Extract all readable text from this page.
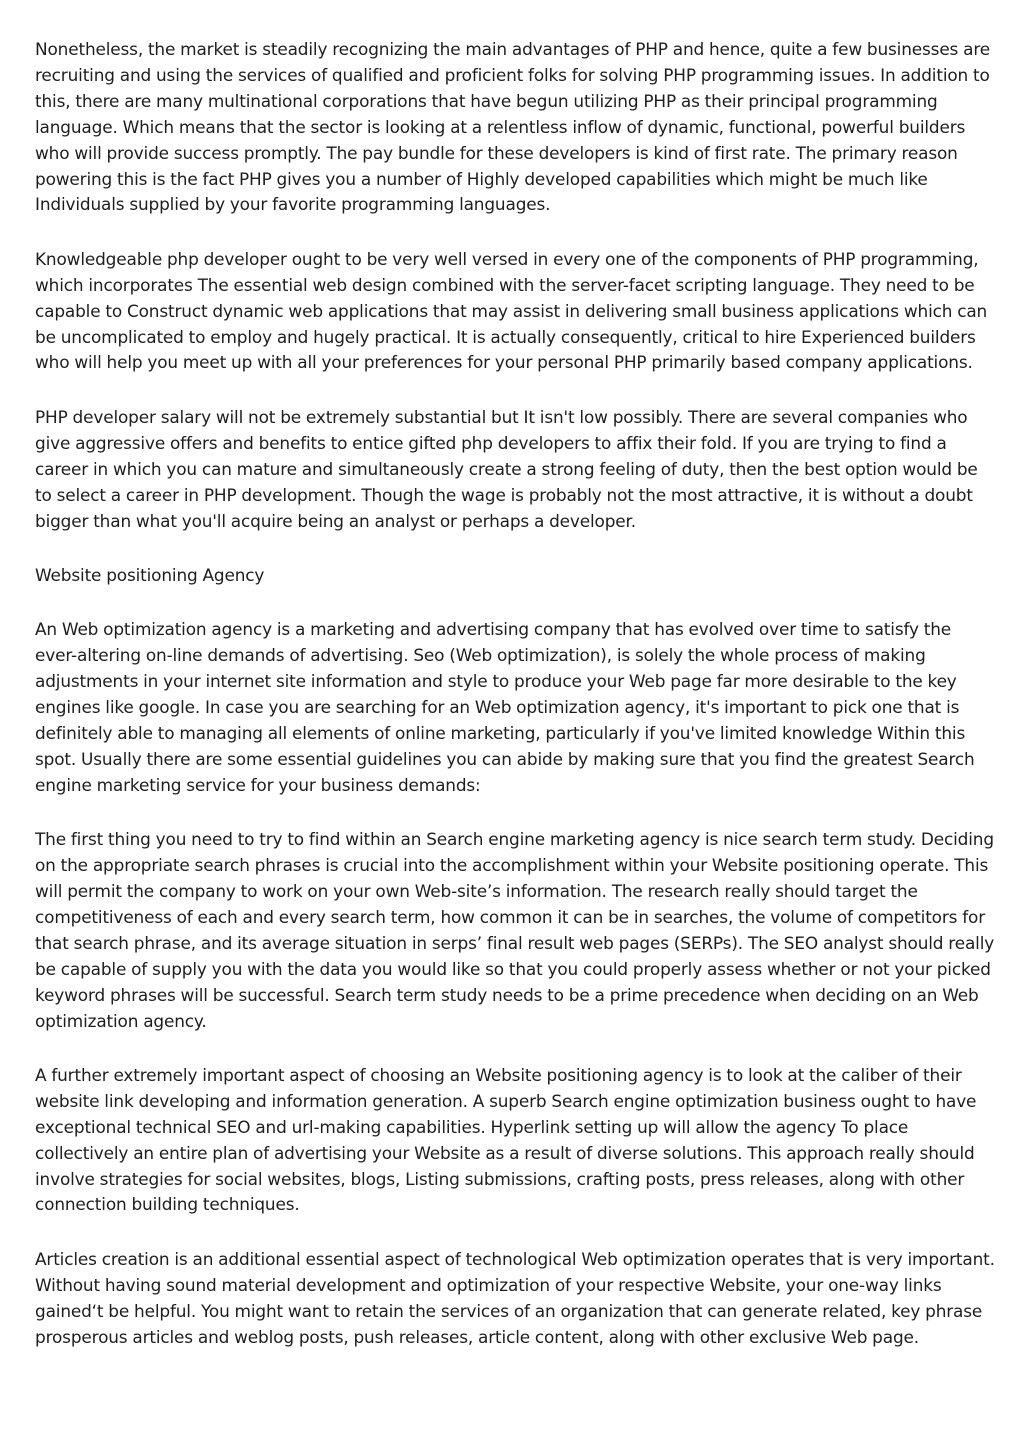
Nonetheless, the market is steadily recognizing the main advantages of PHP and hence, quite a few businesses are recruiting and using the services of qualified and proficient folks for solving PHP programming issues. In addition to this, there are many multinational corporations that have begun utilizing PHP as their principal programming language. Which means that the sector is looking at a relentless inflow of dynamic, functional, powerful builders who will provide success promptly. The pay bundle for these developers is kind of first rate. The primary reason powering this is the fact PHP gives you a number of Highly developed capabilities which might be much like Individuals supplied by your favorite programming languages.

Knowledgeable php developer ought to be very well versed in every one of the components of PHP programming, which incorporates The essential web design combined with the server-facet scripting language. They need to be capable to Construct dynamic web applications that may assist in delivering small business applications which can be uncomplicated to employ and hugely practical. It is actually consequently, critical to hire Experienced builders who will help you meet up with all your preferences for your personal PHP primarily based company applications.

PHP developer salary will not be extremely substantial but It isn't low possibly. There are several companies who give aggressive offers and benefits to entice gifted php developers to affix their fold. If you are trying to find a career in which you can mature and simultaneously create a strong feeling of duty, then the best option would be to select a career in PHP development. Though the wage is probably not the most attractive, it is without a doubt bigger than what you'll acquire being an analyst or perhaps a developer.

Website positioning Agency

An Web optimization agency is a marketing and advertising company that has evolved over time to satisfy the ever-altering on-line demands of advertising. Seo (Web optimization), is solely the whole process of making adjustments in your internet site information and style to produce your Web page far more desirable to the key engines like google. In case you are searching for an Web optimization agency, it's important to pick one that is definitely able to managing all elements of online marketing, particularly if you've limited knowledge Within this spot. Usually there are some essential guidelines you can abide by making sure that you find the greatest Search engine marketing service for your business demands:

The first thing you need to try to find within an Search engine marketing agency is nice search term study. Deciding on the appropriate search phrases is crucial into the accomplishment within your Website positioning operate. This will permit the company to work on your own Web-site’s information. The research really should target the competitiveness of each and every search term, how common it can be in searches, the volume of competitors for that search phrase, and its average situation in serps’ final result web pages (SERPs). The SEO analyst should really be capable of supply you with the data you would like so that you could properly assess whether or not your picked keyword phrases will be successful. Search term study needs to be a prime precedence when deciding on an Web optimization agency.

A further extremely important aspect of choosing an Website positioning agency is to look at the caliber of their website link developing and information generation. A superb Search engine optimization business ought to have exceptional technical SEO and url-making capabilities. Hyperlink setting up will allow the agency To place collectively an entire plan of advertising your Website as a result of diverse solutions. This approach really should involve strategies for social websites, blogs, Listing submissions, crafting posts, press releases, along with other connection building techniques.

Articles creation is an additional essential aspect of technological Web optimization operates that is very important. Without having sound material development and optimization of your respective Website, your one-way links gained‘t be helpful. You might want to retain the services of an organization that can generate related, key phrase prosperous articles and weblog posts, push releases, article content, along with other exclusive Web page.
